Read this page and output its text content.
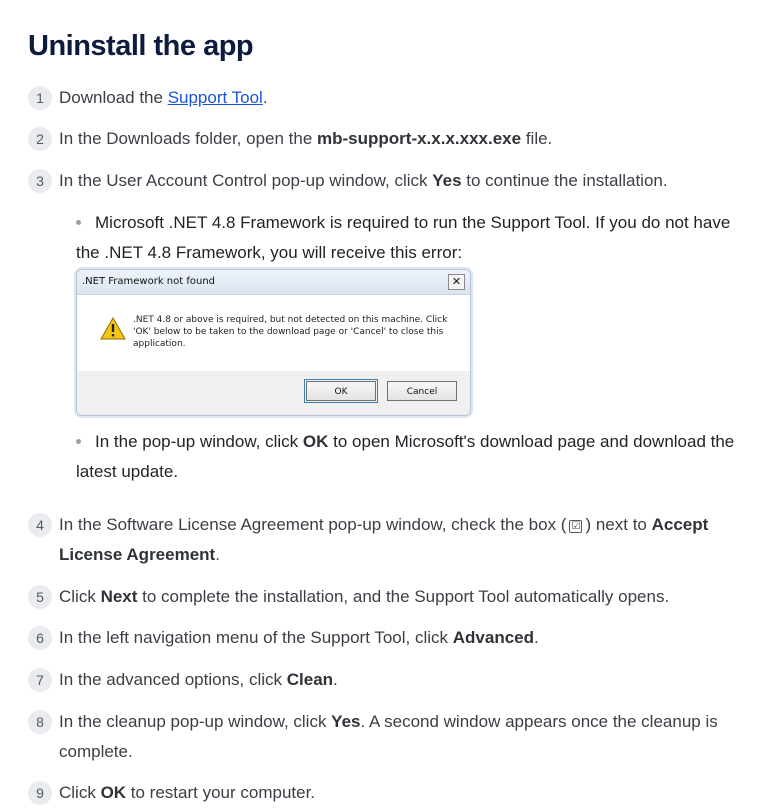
Uninstall the app
1 Download the Support Tool.
2 In the Downloads folder, open the mb-support-x.x.x.xxx.exe file.
3 In the User Account Control pop-up window, click Yes to continue the installation.
Microsoft .NET 4.8 Framework is required to run the Support Tool. If you do not have the .NET 4.8 Framework, you will receive this error:
.NET Framework not found	✕
.NET 4.8 or above is required, but not detected on this machine. Click 'OK' below to be taken to the download page or 'Cancel' to close this application.
OK	Cancel
In the pop-up window, click OK to open Microsoft's download page and download the latest update.
4 In the Software License Agreement pop-up window, check the box ( ☑ ) next to Accept License Agreement.
5 Click Next to complete the installation, and the Support Tool automatically opens.
6 In the left navigation menu of the Support Tool, click Advanced.
7 In the advanced options, click Clean.
8 In the cleanup pop-up window, click Yes. A second window appears once the cleanup is complete.
9 Click OK to restart your computer.
